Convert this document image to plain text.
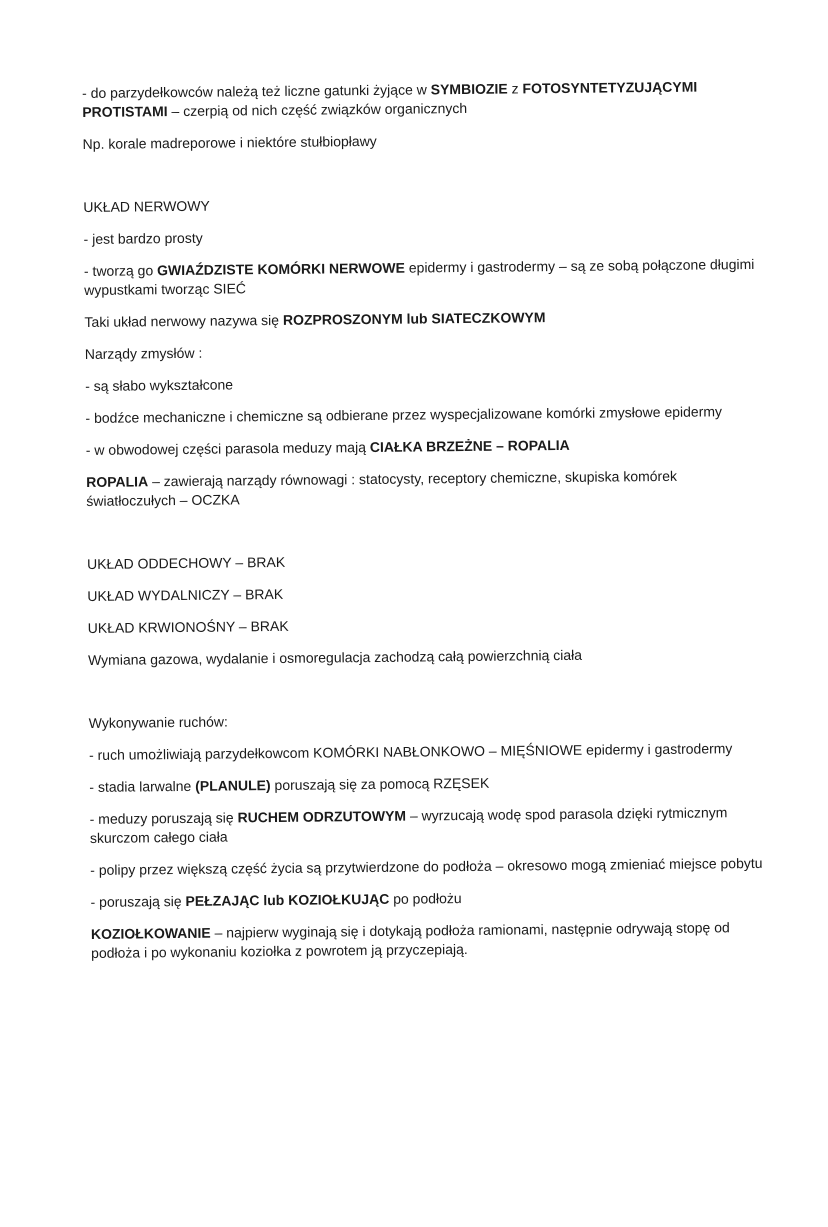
- do parzydełkowców należą też liczne gatunki żyjące w SYMBIOZIE z FOTOSYNTETYZUJĄCYMI PROTISTAMI – czerpią od nich część związków organicznych

Np. korale madreporowe i niektóre stułbiopławy

UKŁAD NERWOWY

- jest bardzo prosty

- tworzą go GWIAŹDZISTE KOMÓRKI NERWOWE epidermy i gastrodermy – są ze sobą połączone długimi wypustkami tworząc SIEĆ

Taki układ nerwowy nazywa się ROZPROSZONYM lub SIATECZKOWYM

Narządy zmysłów :

- są słabo wykształcone

- bodźce mechaniczne i chemiczne są odbierane przez wyspecjalizowane komórki zmysłowe epidermy

- w obwodowej części parasola meduzy mają CIAŁKA BRZEŻNE – ROPALIA

ROPALIA – zawierają narządy równowagi : statocysty, receptory chemiczne, skupiska komórek światłoczułych – OCZKA

UKŁAD ODDECHOWY – BRAK

UKŁAD WYDALNICZY – BRAK

UKŁAD KRWIONOŚNY – BRAK

Wymiana gazowa, wydalanie i osmoregulacja zachodzą całą powierzchnią ciała

Wykonywanie ruchów:

- ruch umożliwiają parzydełkowcom KOMÓRKI NABŁONKOWO – MIĘŚNIOWE epidermy i gastrodermy

- stadia larwalne (PLANULE) poruszają się za pomocą RZĘSEK

- meduzy poruszają się RUCHEM ODRZUTOWYM – wyrzucają wodę spod parasola dzięki rytmicznym skurczom całego ciała

- polipy przez większą część życia są przytwierdzone do podłoża – okresowo mogą zmieniać miejsce pobytu

- poruszają się PEŁZAJĄC lub KOZIOŁKUJĄC po podłożu

KOZIOŁKOWANIE – najpierw wyginają się i dotykają podłoża ramionami, następnie odrywają stopę od podłoża i po wykonaniu koziołka z powrotem ją przyczepiają.
